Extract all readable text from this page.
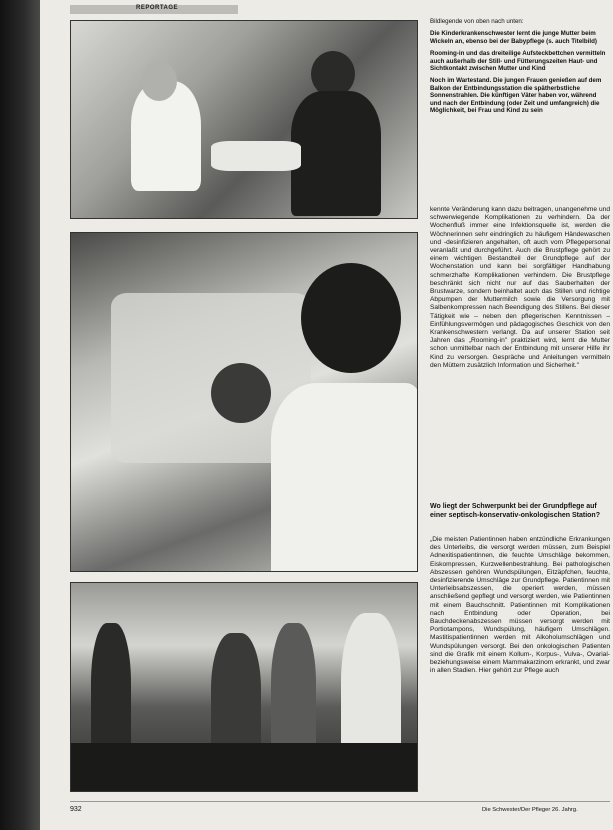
REPORTAGE

Bildlegende von oben nach unten:

Die Kinderkrankenschwester lernt die junge Mutter beim Wickeln an, ebenso bei der Babypflege (s. auch Titelbild)

Rooming-in und das dreiteilige Aufsteckbettchen vermitteln auch außerhalb der Still- und Fütterungszeiten Haut- und Sichtkontakt zwischen Mutter und Kind

Noch im Wartestand. Die jungen Frauen genießen auf dem Balkon der Entbindungsstation die spätherbstliche Sonnenstrahlen. Die künftigen Väter haben vor, während und nach der Entbindung (oder Zeit und umfangreich) die Möglichkeit, bei Frau und Kind zu sein

kennte Veränderung kann dazu beitragen, unangenehme und schwerwiegende Komplikationen zu verhindern. Da der Wochenfluß immer eine Infektionsquelle ist, werden die Wöchnerinnen sehr eindringlich zu häufigem Händewaschen und -desinfizieren angehalten, oft auch vom Pflegepersonal veranlaßt und durchgeführt. Auch die Brustpflege gehört zu einem wichtigen Bestandteil der Grundpflege auf der Wochenstation und kann bei sorgfältiger Handhabung schmerzhafte Komplikationen verhindern. Die Brustpflege beschränkt sich nicht nur auf das Sauberhalten der Brustwarze, sondern beinhaltet auch das Stillen und richtige Abpumpen der Muttermilch sowie die Versorgung mit Salbenkompressen nach Beendigung des Stillens. Bei dieser Tätigkeit wie – neben den pflegerischen Kenntnissen – Einfühlungsvermögen und pädagogisches Geschick von den Krankenschwestern verlangt. Da auf unserer Station seit Jahren das „Rooming-in" praktiziert wird, lernt die Mutter schon unmittelbar nach der Entbindung mit unserer Hilfe ihr Kind zu versorgen. Gespräche und Anleitungen vermitteln den Müttern zusätzlich Information und Sicherheit."

Wo liegt der Schwerpunkt bei der Grundpflege auf einer septisch-konservativ-onkologischen Station?

„Die meisten Patientinnen haben entzündliche Erkrankungen des Unterleibs, die versorgt werden müssen, zum Beispiel Adnexitispatientinnen, die feuchte Umschläge bekommen, Eiskompressen, Kurzwellenbestrahlung. Bei pathologischen Abszessen gehören Wundspülungen, Eitzäpfchen, feuchte, desinfizierende Umschläge zur Grundpflege. Patientinnen mit Unterleibsabszessen, die operiert werden, müssen anschließend gepflegt und versorgt werden, wie Patientinnen mit einem Bauchschnitt. Patientinnen mit Komplikationen nach Entbindung oder Operation, bei Bauchdeckenabszessen müssen versorgt werden mit Portiotampons, Wundspülung, häufigem Umschlägen. Mastitispatientinnen werden mit Alkoholumschlägen und Wundspülungen versorgt. Bei den onkologischen Patienten sind die Grafik mit einem Kollum-, Korpus-, Vulva-, Ovarial- beziehungsweise einem Mammakarzinom erkrankt, und zwar in allen Stadien. Hier gehört zur Pflege auch

932	Die Schwester/Der Pfleger 26. Jahrg.
